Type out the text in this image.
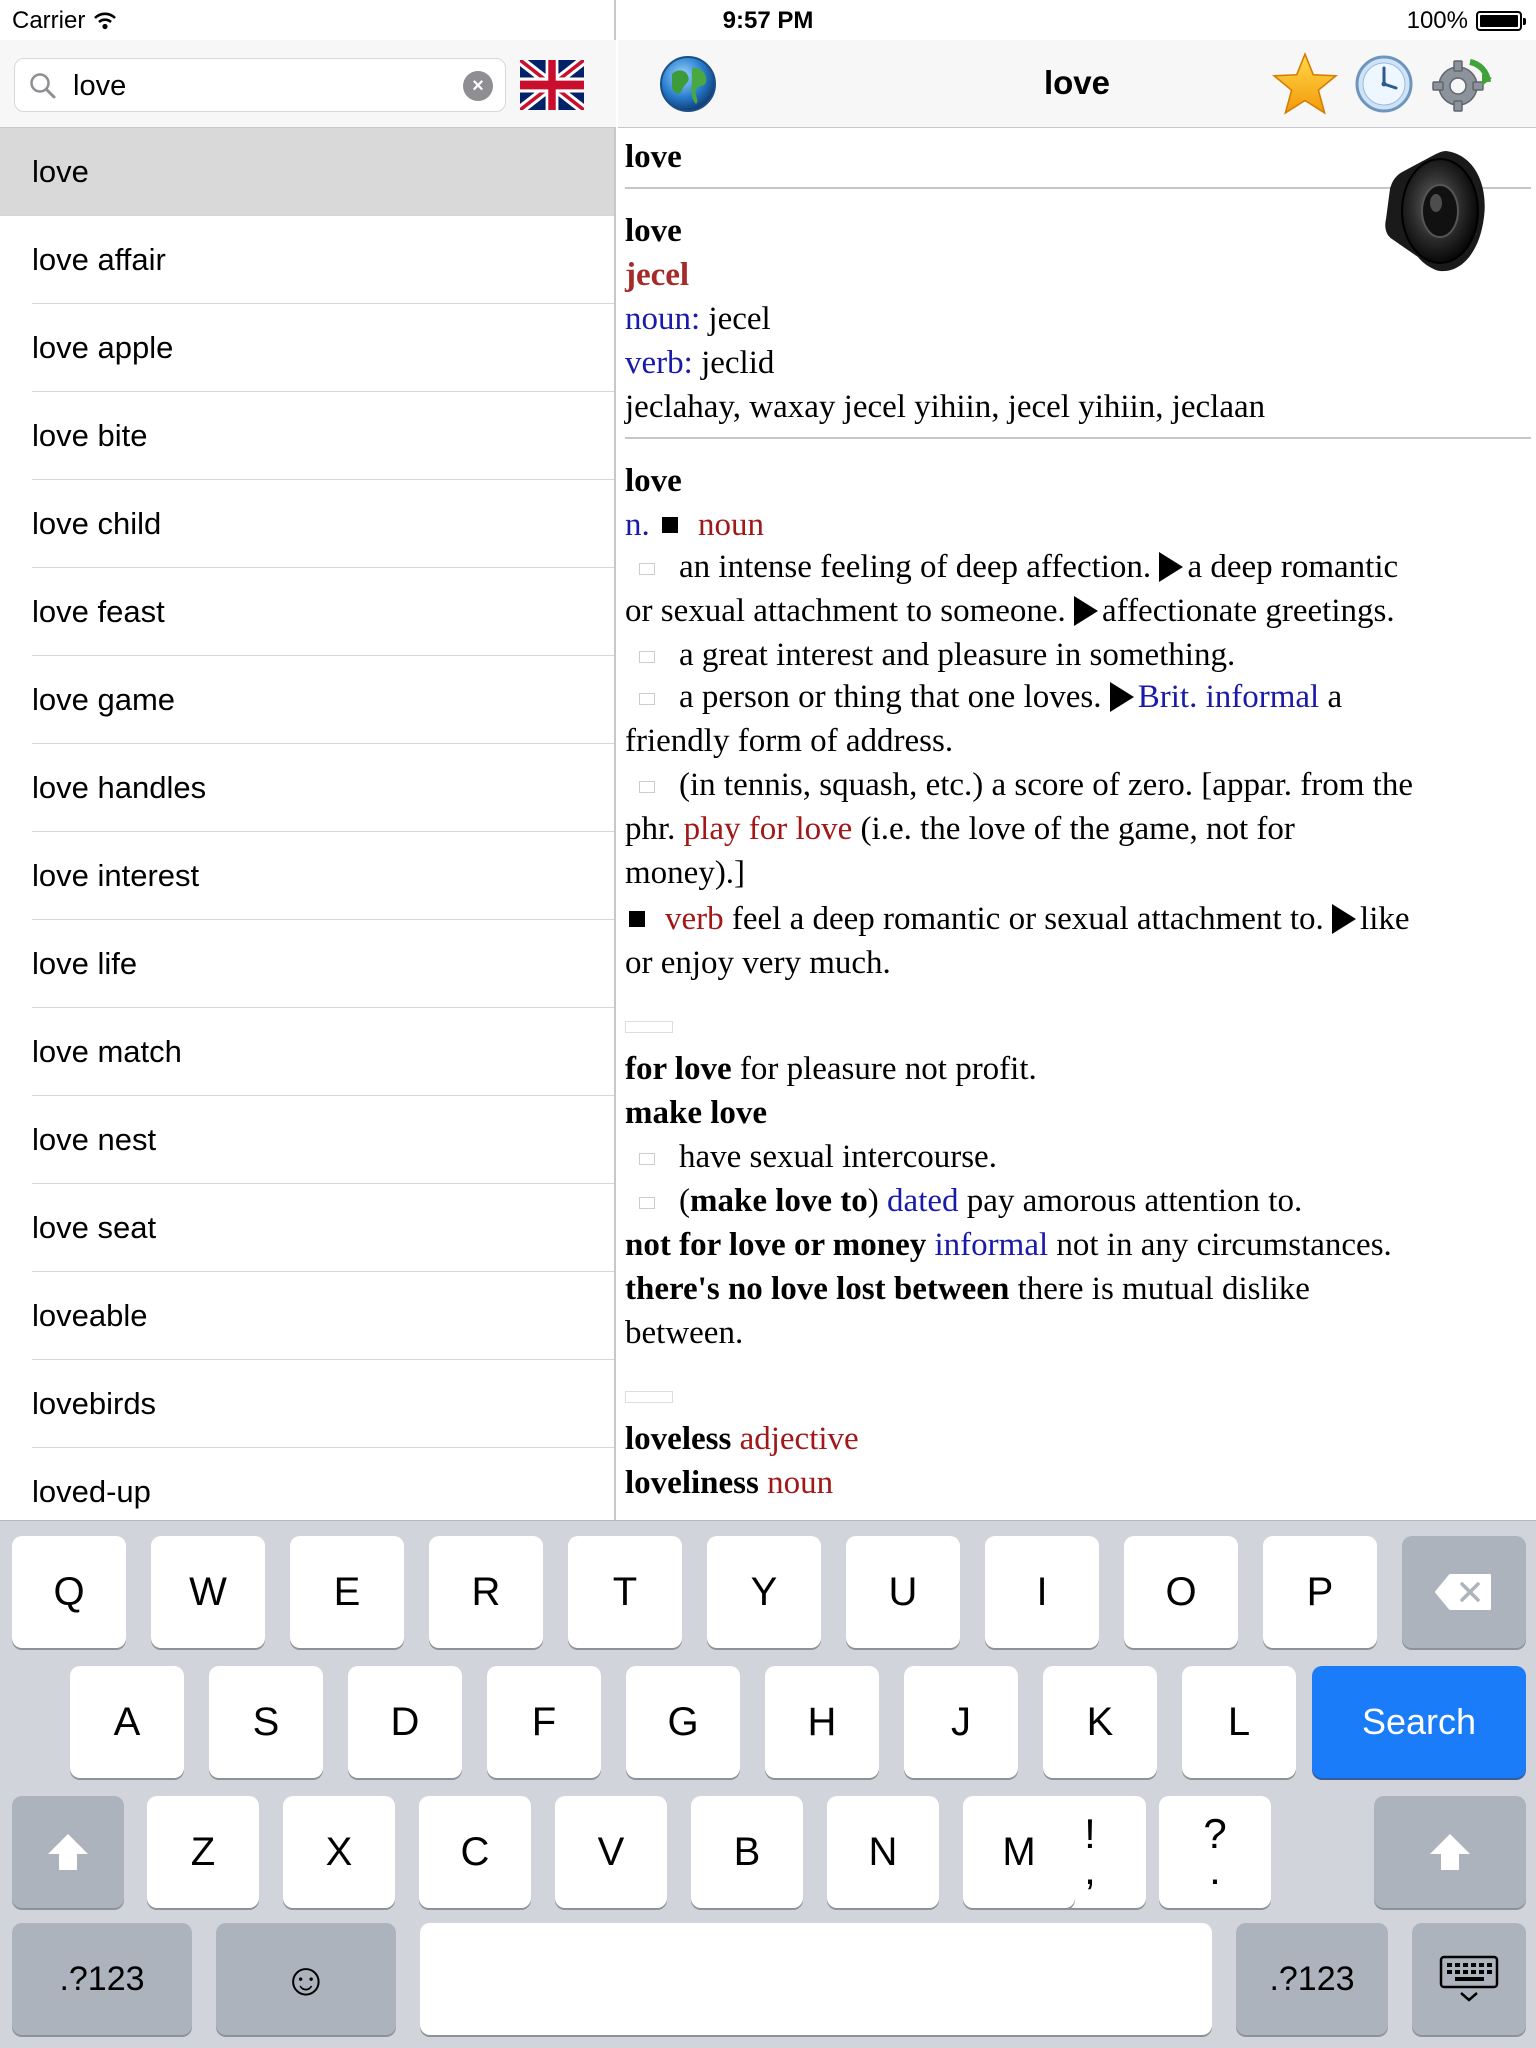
love
×
love
love affair
love apple
love bite
love child
love feast
love game
love handles
love interest
love life
love match
love nest
love seat
loveable
lovebirds
loved-up
Carrier	9:57 PM	100%
love
love
love
jecel
noun: jecel
verb: jeclid
jeclahay, waxay jecel yihiin, jecel yihiin, jeclaan
love
n. noun
an intense feeling of deep affection. a deep romantic
or sexual attachment to someone. affectionate greetings.
a great interest and pleasure in something.
a person or thing that one loves. Brit. informal a
friendly form of address.
(in tennis, squash, etc.) a score of zero. [appar. from the
phr. play for love (i.e. the love of the game, not for
money).]
verb feel a deep romantic or sexual attachment to. like
or enjoy very much.
for love for pleasure not profit.
make love
have sexual intercourse.
(make love to) dated pay amorous attention to.
not for love or money informal not in any circumstances.
there's no love lost between there is mutual dislike
between.
loveless adjective
loveliness noun
Search
!
,
?
.
.?123	☺	.?123
Q	W	E	R	T	Y	U	I	O	P
A	S	D	F	G	H	J	K	L
Z	X	C	V	B	N	M
